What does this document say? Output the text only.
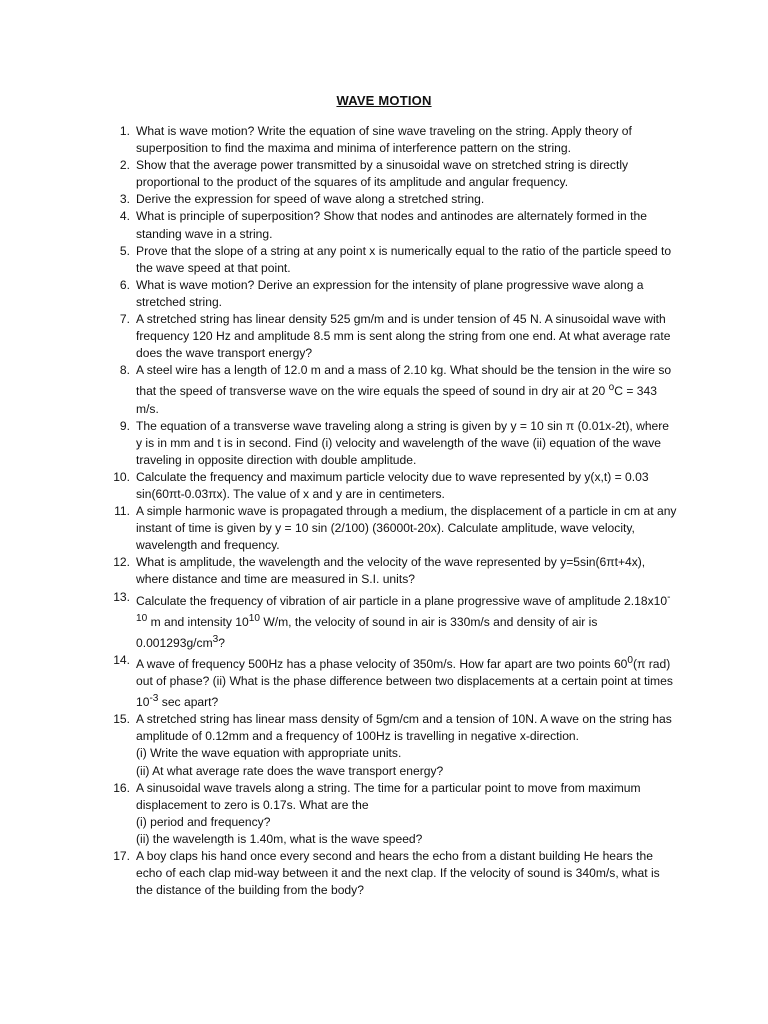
WAVE MOTION
1. What is wave motion? Write the equation of sine wave traveling on the string. Apply theory of superposition to find the maxima and minima of interference pattern on the string.
2. Show that the average power transmitted by a sinusoidal wave on stretched string is directly proportional to the product of the squares of its amplitude and angular frequency.
3. Derive the expression for speed of wave along a stretched string.
4. What is principle of superposition? Show that nodes and antinodes are alternately formed in the standing wave in a string.
5. Prove that the slope of a string at any point x is numerically equal to the ratio of the particle speed to the wave speed at that point.
6. What is wave motion? Derive an expression for the intensity of plane progressive wave along a stretched string.
7. A stretched string has linear density 525 gm/m and is under tension of 45 N. A sinusoidal wave with frequency 120 Hz and amplitude 8.5 mm is sent along the string from one end. At what average rate does the wave transport energy?
8. A steel wire has a length of 12.0 m and a mass of 2.10 kg. What should be the tension in the wire so that the speed of transverse wave on the wire equals the speed of sound in dry air at 20 $^o$C = 343 m/s.
9. The equation of a transverse wave traveling along a string is given by y = 10 sin π (0.01x-2t), where y is in mm and t is in second. Find (i) velocity and wavelength of the wave (ii) equation of the wave traveling in opposite direction with double amplitude.
10. Calculate the frequency and maximum particle velocity due to wave represented by y(x,t) = 0.03 sin(60πt-0.03πx). The value of x and y are in centimeters.
11. A simple harmonic wave is propagated through a medium, the displacement of a particle in cm at any instant of time is given by y = 10 sin (2/100) (36000t-20x). Calculate amplitude, wave velocity, wavelength and frequency.
12. What is amplitude, the wavelength and the velocity of the wave represented by y=5sin(6πt+4x), where distance and time are measured in S.I. units?
13. Calculate the frequency of vibration of air particle in a plane progressive wave of amplitude $2.18x10^{-10}$ m and intensity $10^{10}$ W/m, the velocity of sound in air is 330m/s and density of air is $0.001293g/cm^3$?
14. A wave of frequency 500Hz has a phase velocity of 350m/s. How far apart are two points $60^0(\pi$ rad) out of phase? (ii) What is the phase difference between two displacements at a certain point at times $10^{-3}$ sec apart?
15. A stretched string has linear mass density of 5gm/cm and a tension of 10N. A wave on the string has amplitude of 0.12mm and a frequency of 100Hz is travelling in negative x-direction.
(i) Write the wave equation with appropriate units.
(ii) At what average rate does the wave transport energy?
16. A sinusoidal wave travels along a string. The time for a particular point to move from maximum displacement to zero is 0.17s. What are the
(i) period and frequency?
(ii) the wavelength is 1.40m, what is the wave speed?
17. A boy claps his hand once every second and hears the echo from a distant building He hears the echo of each clap mid-way between it and the next clap. If the velocity of sound is 340m/s, what is the distance of the building from the body?
